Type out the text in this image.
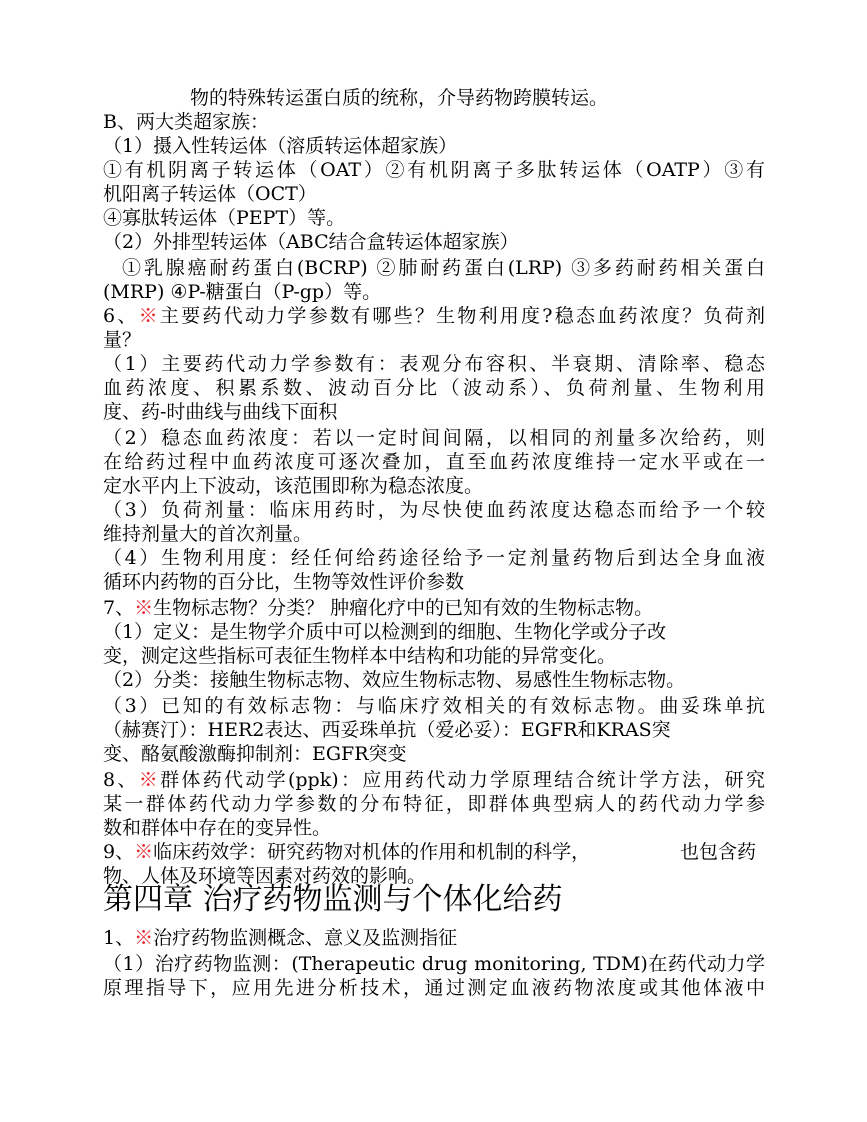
物的特殊转运蛋白质的统称，介导药物跨膜转运。
B、两大类超家族：
（1）摄入性转运体（溶质转运体超家族）
①有机阴离子转运体（OAT）②有机阴离子多肽转运体（OATP）③有
机阳离子转运体（OCT）
④寡肽转运体（PEPT）等。
（2）外排型转运体（ABC结合盒转运体超家族）
①乳腺癌耐药蛋白(BCRP) ②肺耐药蛋白(LRP) ③多药耐药相关蛋白
(MRP) ④P-糖蛋白（P-gp）等。
6、※主要药代动力学参数有哪些？生物利用度?稳态血药浓度？负荷剂
量？
（1）主要药代动力学参数有：表观分布容积、半衰期、清除率、稳态
血药浓度、积累系数、波动百分比（波动系）、负荷剂量、生物利用
度、药-时曲线与曲线下面积
（2）稳态血药浓度：若以一定时间间隔，以相同的剂量多次给药，则
在给药过程中血药浓度可逐次叠加，直至血药浓度维持一定水平或在一
定水平内上下波动，该范围即称为稳态浓度。
（3）负荷剂量：临床用药时，为尽快使血药浓度达稳态而给予一个较
维持剂量大的首次剂量。
（4）生物利用度：经任何给药途径给予一定剂量药物后到达全身血液
循环内药物的百分比，生物等效性评价参数
7、※生物标志物？分类？ 肿瘤化疗中的已知有效的生物标志物。
（1）定义：是生物学介质中可以检测到的细胞、生物化学或分子改
变，测定这些指标可表征生物样本中结构和功能的异常变化。
（2）分类：接触生物标志物、效应生物标志物、易感性生物标志物。
（3）已知的有效标志物：与临床疗效相关的有效标志物。曲妥珠单抗
（赫赛汀）：HER2表达、西妥珠单抗（爱必妥）：EGFR和KRAS突
变、酪氨酸激酶抑制剂：EGFR突变
8、※群体药代动学(ppk)：应用药代动力学原理结合统计学方法，研究
某一群体药代动力学参数的分布特征，即群体典型病人的药代动力学参
数和群体中存在的变异性。
9、※临床药效学：研究药物对机体的作用和机制的科学，	也包含药
物、人体及环境等因素对药效的影响。
第四章 治疗药物监测与个体化给药
1、※治疗药物监测概念、意义及监测指征
（1）治疗药物监测：(Therapeutic drug monitoring, TDM)在药代动力学
原理指导下，应用先进分析技术，通过测定血液药物浓度或其他体液中
